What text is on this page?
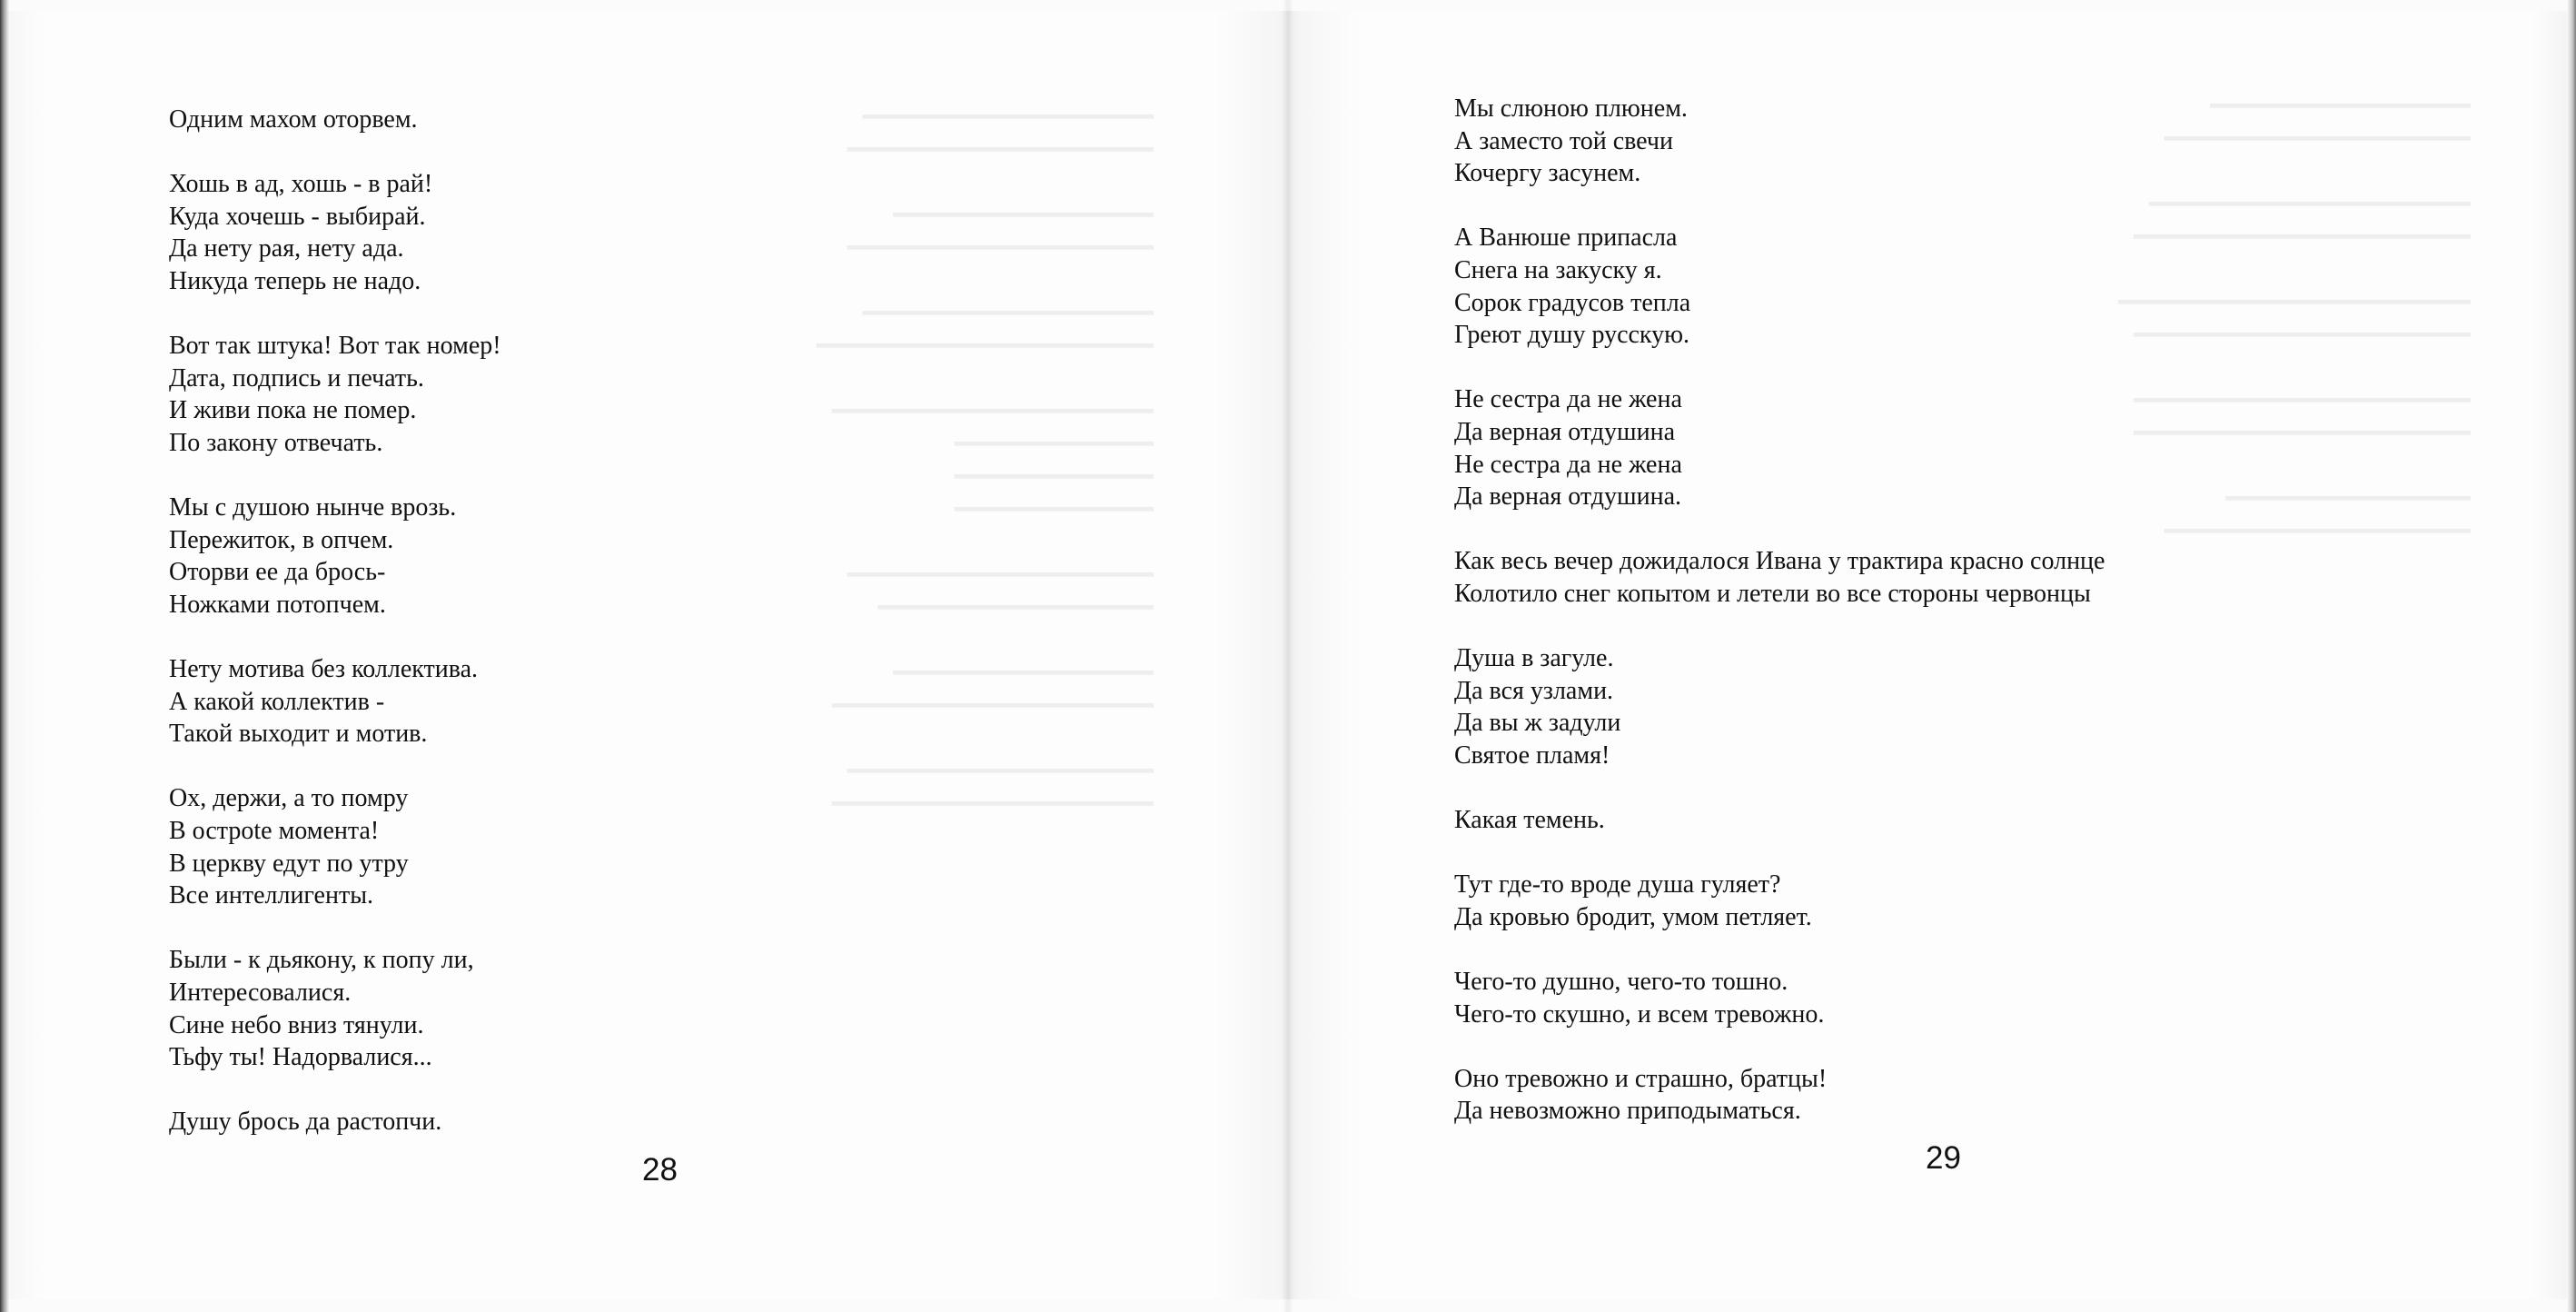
━━━━━━━━━━━━━━━━━━━
━━━━━━━━━━━━━━━━━━━━

━━━━━━━━━━━━━━━━━
━━━━━━━━━━━━━━━━━━━━

━━━━━━━━━━━━━━━━━━━
━━━━━━━━━━━━━━━━━━━━━━

━━━━━━━━━━━━━━━━━━━━━
━━━━━━━━━━━━━
━━━━━━━━━━━━━
━━━━━━━━━━━━━

━━━━━━━━━━━━━━━━━━━━
━━━━━━━━━━━━━━━━━━

━━━━━━━━━━━━━━━━━
━━━━━━━━━━━━━━━━━━━━━

━━━━━━━━━━━━━━━━━━━━
━━━━━━━━━━━━━━━━━━━━━
━━━━━━━━━━━━━━━━━
━━━━━━━━━━━━━━━━━━━━

━━━━━━━━━━━━━━━━━━━━━
━━━━━━━━━━━━━━━━━━━━━━

━━━━━━━━━━━━━━━━━━━━━━━
━━━━━━━━━━━━━━━━━━━━━━

━━━━━━━━━━━━━━━━━━━━━━
━━━━━━━━━━━━━━━━━━━━━━

━━━━━━━━━━━━━━━━
━━━━━━━━━━━━━━━━━━━━
Одним махом оторвем.
Хошь в ад, хошь - в рай!
Куда хочешь - выбирай.
Да нету рая, нету ада.
Никуда теперь не надо.
Вот так штука! Вот так номер!
Дата, подпись и печать.
И живи пока не помер.
По закону отвечать.
Мы с душою нынче врозь.
Пережиток, в опчем.
Оторви ее да брось-
Ножками потопчем.
Нету мотива без коллектива.
А какой коллектив -
Такой выходит и мотив.
Ох, держи, а то помру
В острote момента!
В церкву едут по утру
Все интеллигенты.
Были - к дьякону, к попу ли,
Интересовалися.
Сине небо вниз тянули.
Тьфу ты! Надорвалися...
Душу брось да растопчи.
Мы слюною плюнем.
А заместо той свечи
Кочергу засунем.
А Ванюше припасла
Снега на закуску я.
Сорок градусов тепла
Греют душу русскую.
Не сестра да не жена
Да верная отдушина
Не сестра да не жена
Да верная отдушина.
Как весь вечер дожидалося Ивана у трактира красно солнце
Колотило снег копытом и летели во все стороны червонцы
Душа в загуле.
Да вся узлами.
Да вы ж задули
Святое пламя!
Какая темень.
Тут где-то вроде душа гуляет?
Да кровью бродит, умом петляет.
Чего-то душно, чего-то тошно.
Чего-то скушно, и всем тревожно.
Оно тревожно и страшно, братцы!
Да невозможно приподыматься.
28	29
